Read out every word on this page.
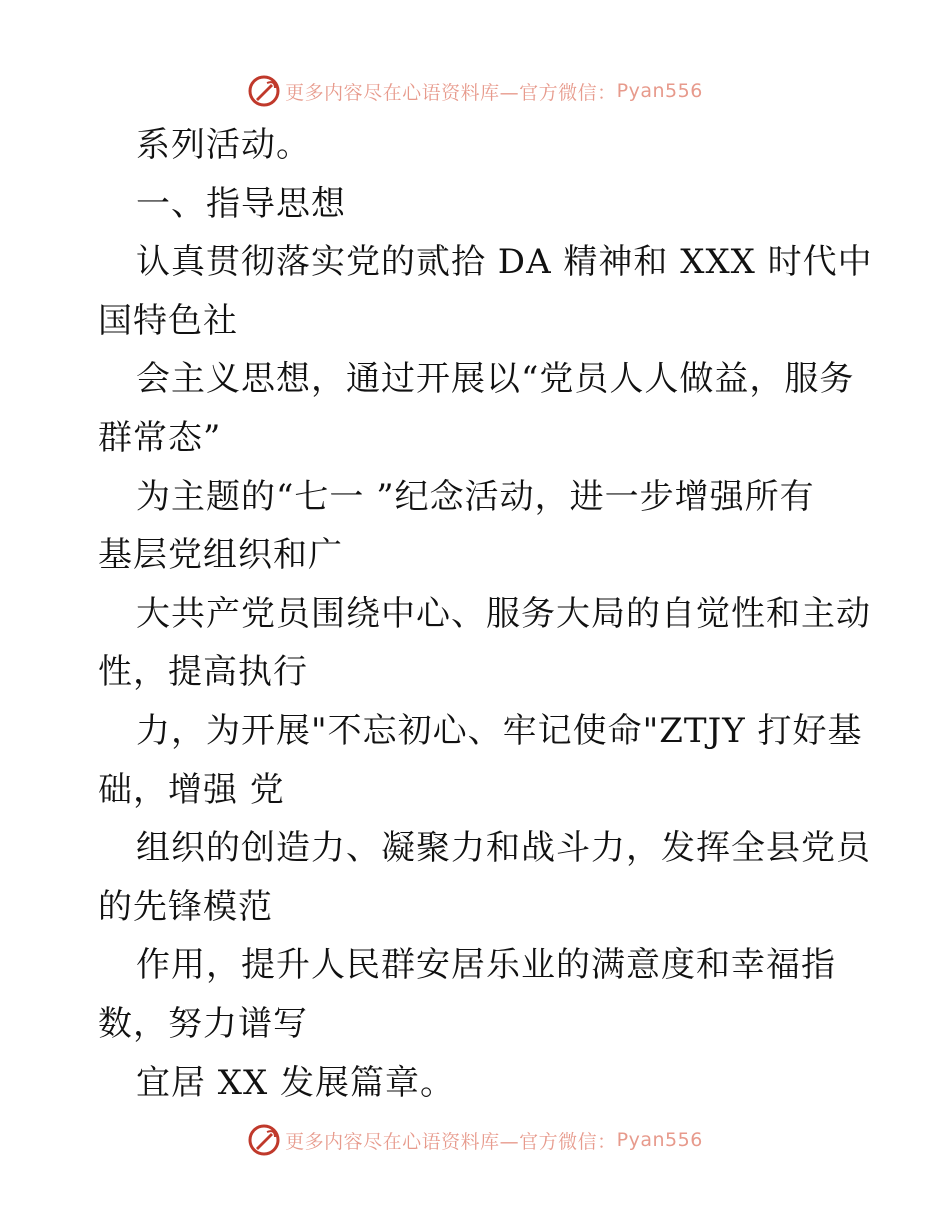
更多内容尽在心语资料库—官方微信： Pyan556
系列活动。
一、指导思想
认真贯彻落实党的贰拾 DA 精神和 XXX 时代中
国特色社
会主义思想，通过开展以“党员人人做益，服务
群常态”
为主题的“七一 ”纪念活动，进一步增强所有
基层党组织和广
大共产党员围绕中心、服务大局的自觉性和主动
性，提高执行
力，为开展"不忘初心、牢记使命"ZTJY 打好基
础，增强 党
组织的创造力、凝聚力和战斗力，发挥全县党员
的先锋模范
作用，提升人民群安居乐业的满意度和幸福指
数，努力谱写
宜居 XX 发展篇章。
更多内容尽在心语资料库—官方微信： Pyan556
